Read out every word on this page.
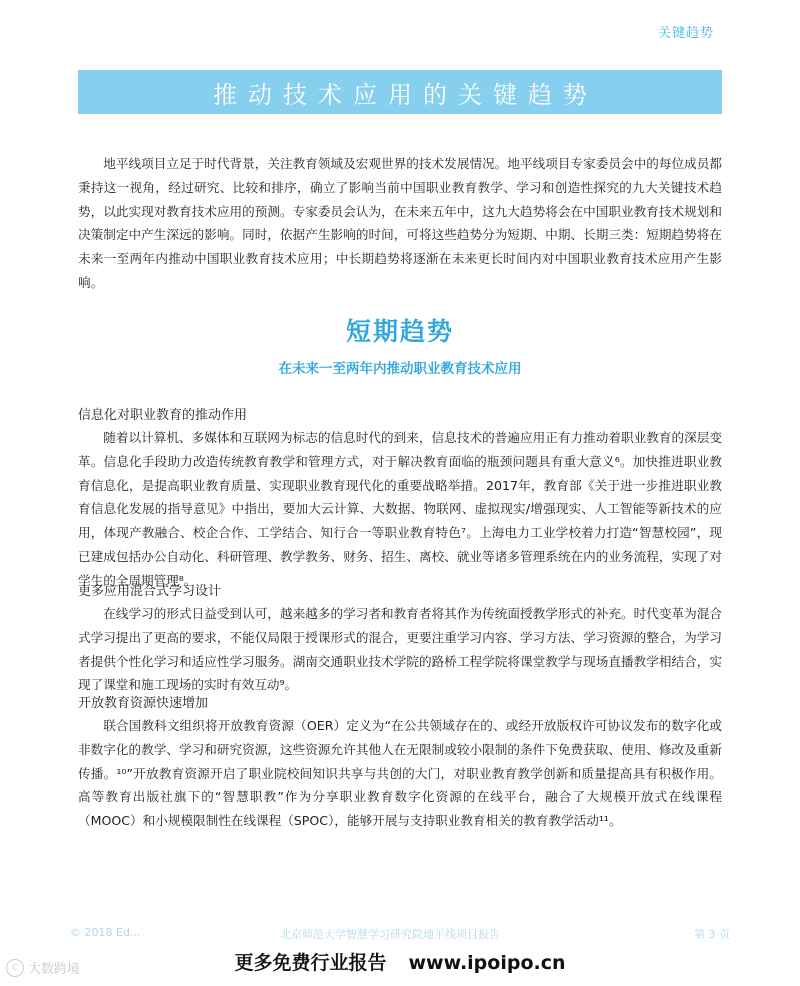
关键趋势
推动技术应用的关键趋势

地平线项目立足于时代背景，关注教育领域及宏观世界的技术发展情况。地平线项目专家委员会中的每位成员都秉持这一视角，经过研究、比较和排序，确立了影响当前中国职业教育教学、学习和创造性探究的九大关键技术趋势，以此实现对教育技术应用的预测。专家委员会认为，在未来五年中，这九大趋势将会在中国职业教育技术规划和决策制定中产生深远的影响。同时，依据产生影响的时间，可将这些趋势分为短期、中期、长期三类：短期趋势将在未来一至两年内推动中国职业教育技术应用；中长期趋势将逐渐在未来更长时间内对中国职业教育技术应用产生影响。

短期趋势
在未来一至两年内推动职业教育技术应用

信息化对职业教育的推动作用

随着以计算机、多媒体和互联网为标志的信息时代的到来，信息技术的普遍应用正有力推动着职业教育的深层变革。信息化手段助力改造传统教育教学和管理方式，对于解决教育面临的瓶颈问题具有重大意义⁶。加快推进职业教育信息化，是提高职业教育质量、实现职业教育现代化的重要战略举措。2017年，教育部《关于进一步推进职业教育信息化发展的指导意见》中指出，要加大云计算、大数据、物联网、虚拟现实/增强现实、人工智能等新技术的应用，体现产教融合、校企合作、工学结合、知行合一等职业教育特色⁷。上海电力工业学校着力打造“智慧校园”，现已建成包括办公自动化、科研管理、教学教务、财务、招生、离校、就业等诸多管理系统在内的业务流程，实现了对学生的全周期管理⁸。

更多应用混合式学习设计

在线学习的形式日益受到认可，越来越多的学习者和教育者将其作为传统面授教学形式的补充。时代变革为混合式学习提出了更高的要求，不能仅局限于授课形式的混合，更要注重学习内容、学习方法、学习资源的整合，为学习者提供个性化学习和适应性学习服务。湖南交通职业技术学院的路桥工程学院将课堂教学与现场直播教学相结合，实现了课堂和施工现场的实时有效互动⁹。

开放教育资源快速增加

联合国教科文组织将开放教育资源（OER）定义为“在公共领域存在的、或经开放版权许可协议发布的数字化或非数字化的教学、学习和研究资源，这些资源允许其他人在无限制或较小限制的条件下免费获取、使用、修改及重新传播。¹⁰”开放教育资源开启了职业院校间知识共享与共创的大门，对职业教育教学创新和质量提高具有积极作用。高等教育出版社旗下的“智慧职教”作为分享职业教育数字化资源的在线平台，融合了大规模开放式在线课程（MOOC）和小规模限制性在线课程（SPOC），能够开展与支持职业教育相关的教育教学活动¹¹。

© 2018 Ed...	北京师范大学智慧学习研究院地平线项目报告	第 3 页
更多免费行业报告 www.ipoipo.cn
C 大数跨境
